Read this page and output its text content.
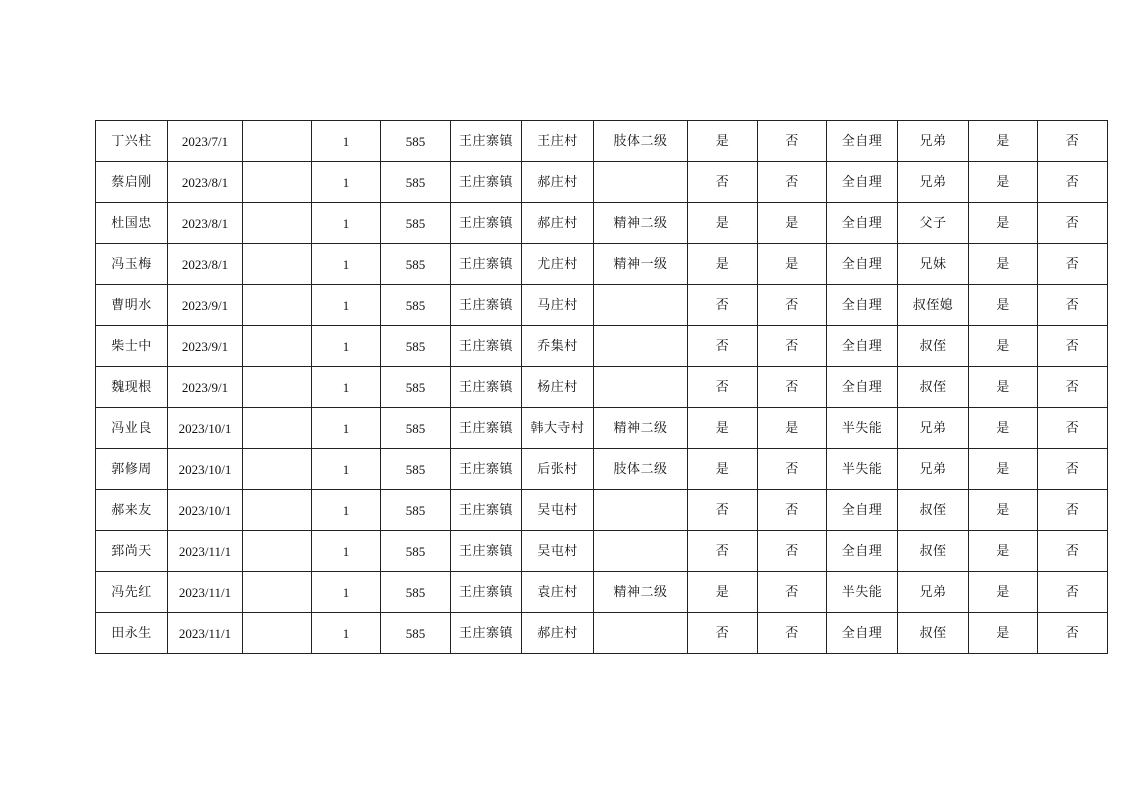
丁兴柱	2023/7/1		1	585	王庄寨镇	王庄村	肢体二级	是	否	全自理	兄弟	是	否
蔡启刚	2023/8/1		1	585	王庄寨镇	郝庄村		否	否	全自理	兄弟	是	否
杜国忠	2023/8/1		1	585	王庄寨镇	郝庄村	精神二级	是	是	全自理	父子	是	否
冯玉梅	2023/8/1		1	585	王庄寨镇	尤庄村	精神一级	是	是	全自理	兄妹	是	否
曹明水	2023/9/1		1	585	王庄寨镇	马庄村		否	否	全自理	叔侄媳	是	否
柴士中	2023/9/1		1	585	王庄寨镇	乔集村		否	否	全自理	叔侄	是	否
魏现根	2023/9/1		1	585	王庄寨镇	杨庄村		否	否	全自理	叔侄	是	否
冯业良	2023/10/1		1	585	王庄寨镇	韩大寺村	精神二级	是	是	半失能	兄弟	是	否
郭修周	2023/10/1		1	585	王庄寨镇	后张村	肢体二级	是	否	半失能	兄弟	是	否
郝来友	2023/10/1		1	585	王庄寨镇	吴屯村		否	否	全自理	叔侄	是	否
郅尚天	2023/11/1		1	585	王庄寨镇	吴屯村		否	否	全自理	叔侄	是	否
冯先红	2023/11/1		1	585	王庄寨镇	袁庄村	精神二级	是	否	半失能	兄弟	是	否
田永生	2023/11/1		1	585	王庄寨镇	郝庄村		否	否	全自理	叔侄	是	否
